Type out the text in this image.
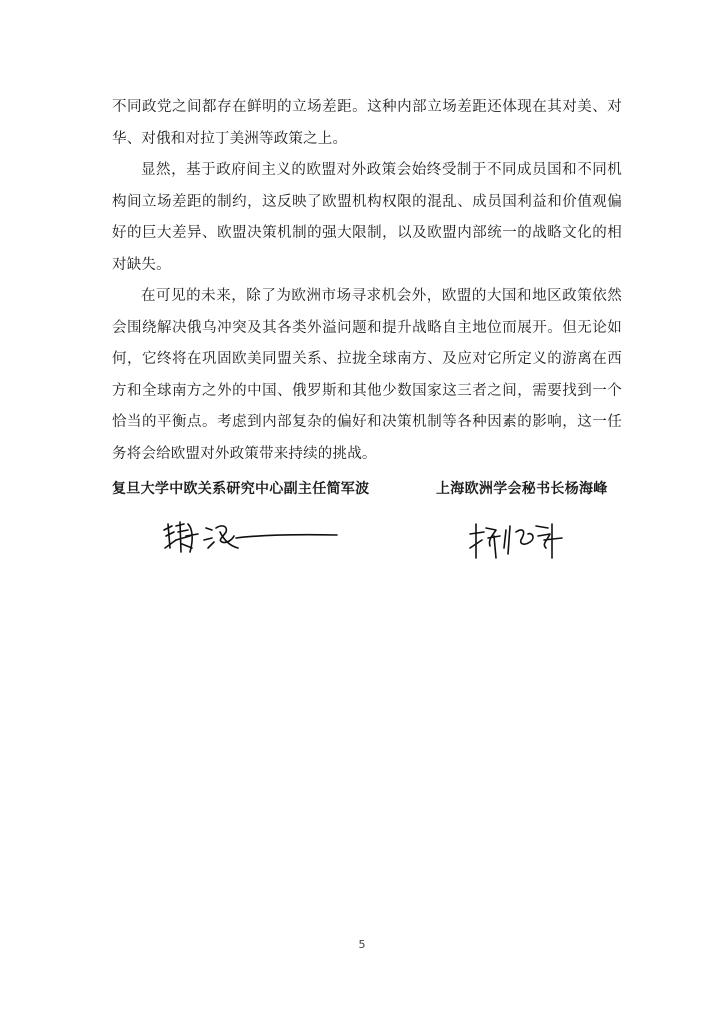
不同政党之间都存在鲜明的立场差距。这种内部立场差距还体现在其对美、对华、对俄和对拉丁美洲等政策之上。

显然，基于政府间主义的欧盟对外政策会始终受制于不同成员国和不同机构间立场差距的制约，这反映了欧盟机构权限的混乱、成员国利益和价值观偏好的巨大差异、欧盟决策机制的强大限制，以及欧盟内部统一的战略文化的相对缺失。

在可见的未来，除了为欧洲市场寻求机会外，欧盟的大国和地区政策依然会围绕解决俄乌冲突及其各类外溢问题和提升战略自主地位而展开。但无论如何，它终将在巩固欧美同盟关系、拉拢全球南方、及应对它所定义的游离在西方和全球南方之外的中国、俄罗斯和其他少数国家这三者之间，需要找到一个恰当的平衡点。考虑到内部复杂的偏好和决策机制等各种因素的影响，这一任务将会给欧盟对外政策带来持续的挑战。

复旦大学中欧关系研究中心副主任简军波	上海欧洲学会秘书长杨海峰
5
